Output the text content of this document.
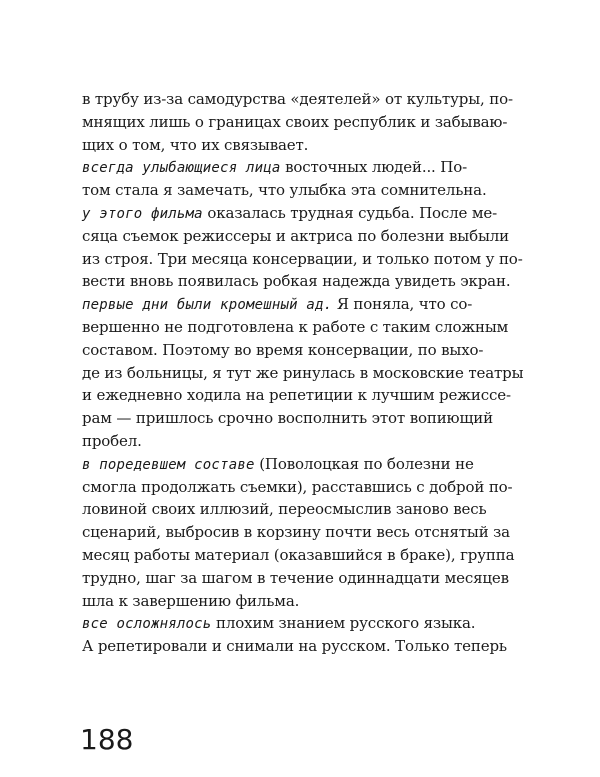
в трубу из-за самодурства «деятелей» от культуры, по-
мнящих лишь о границах своих республик и забываю-
щих о том, что их связывает.
всегда улыбающиеся лица восточных людей... По-
том стала я замечать, что улыбка эта сомнительна.
у этого фильма оказалась трудная судьба. После ме-
сяца съемок режиссеры и актриса по болезни выбыли
из строя. Три месяца консервации, и только потом у по-
вести вновь появилась робкая надежда увидеть экран.
первые дни были кромешный ад. Я поняла, что со-
вершенно не подготовлена к работе с таким сложным
составом. Поэтому во время консервации, по выхо-
де из больницы, я тут же ринулась в московские театры
и ежедневно ходила на репетиции к лучшим режиссе-
рам — пришлось срочно восполнить этот вопиющий
пробел.
в поредевшем составе (Поволоцкая по болезни не
смогла продолжать съемки), расставшись с доброй по-
ловиной своих иллюзий, переосмыслив заново весь
сценарий, выбросив в корзину почти весь отснятый за
месяц работы материал (оказавшийся в браке), группа
трудно, шаг за шагом в течение одиннадцати месяцев
шла к завершению фильма.
все осложнялось плохим знанием русского языка.
А репетировали и снимали на русском. Только теперь
188
